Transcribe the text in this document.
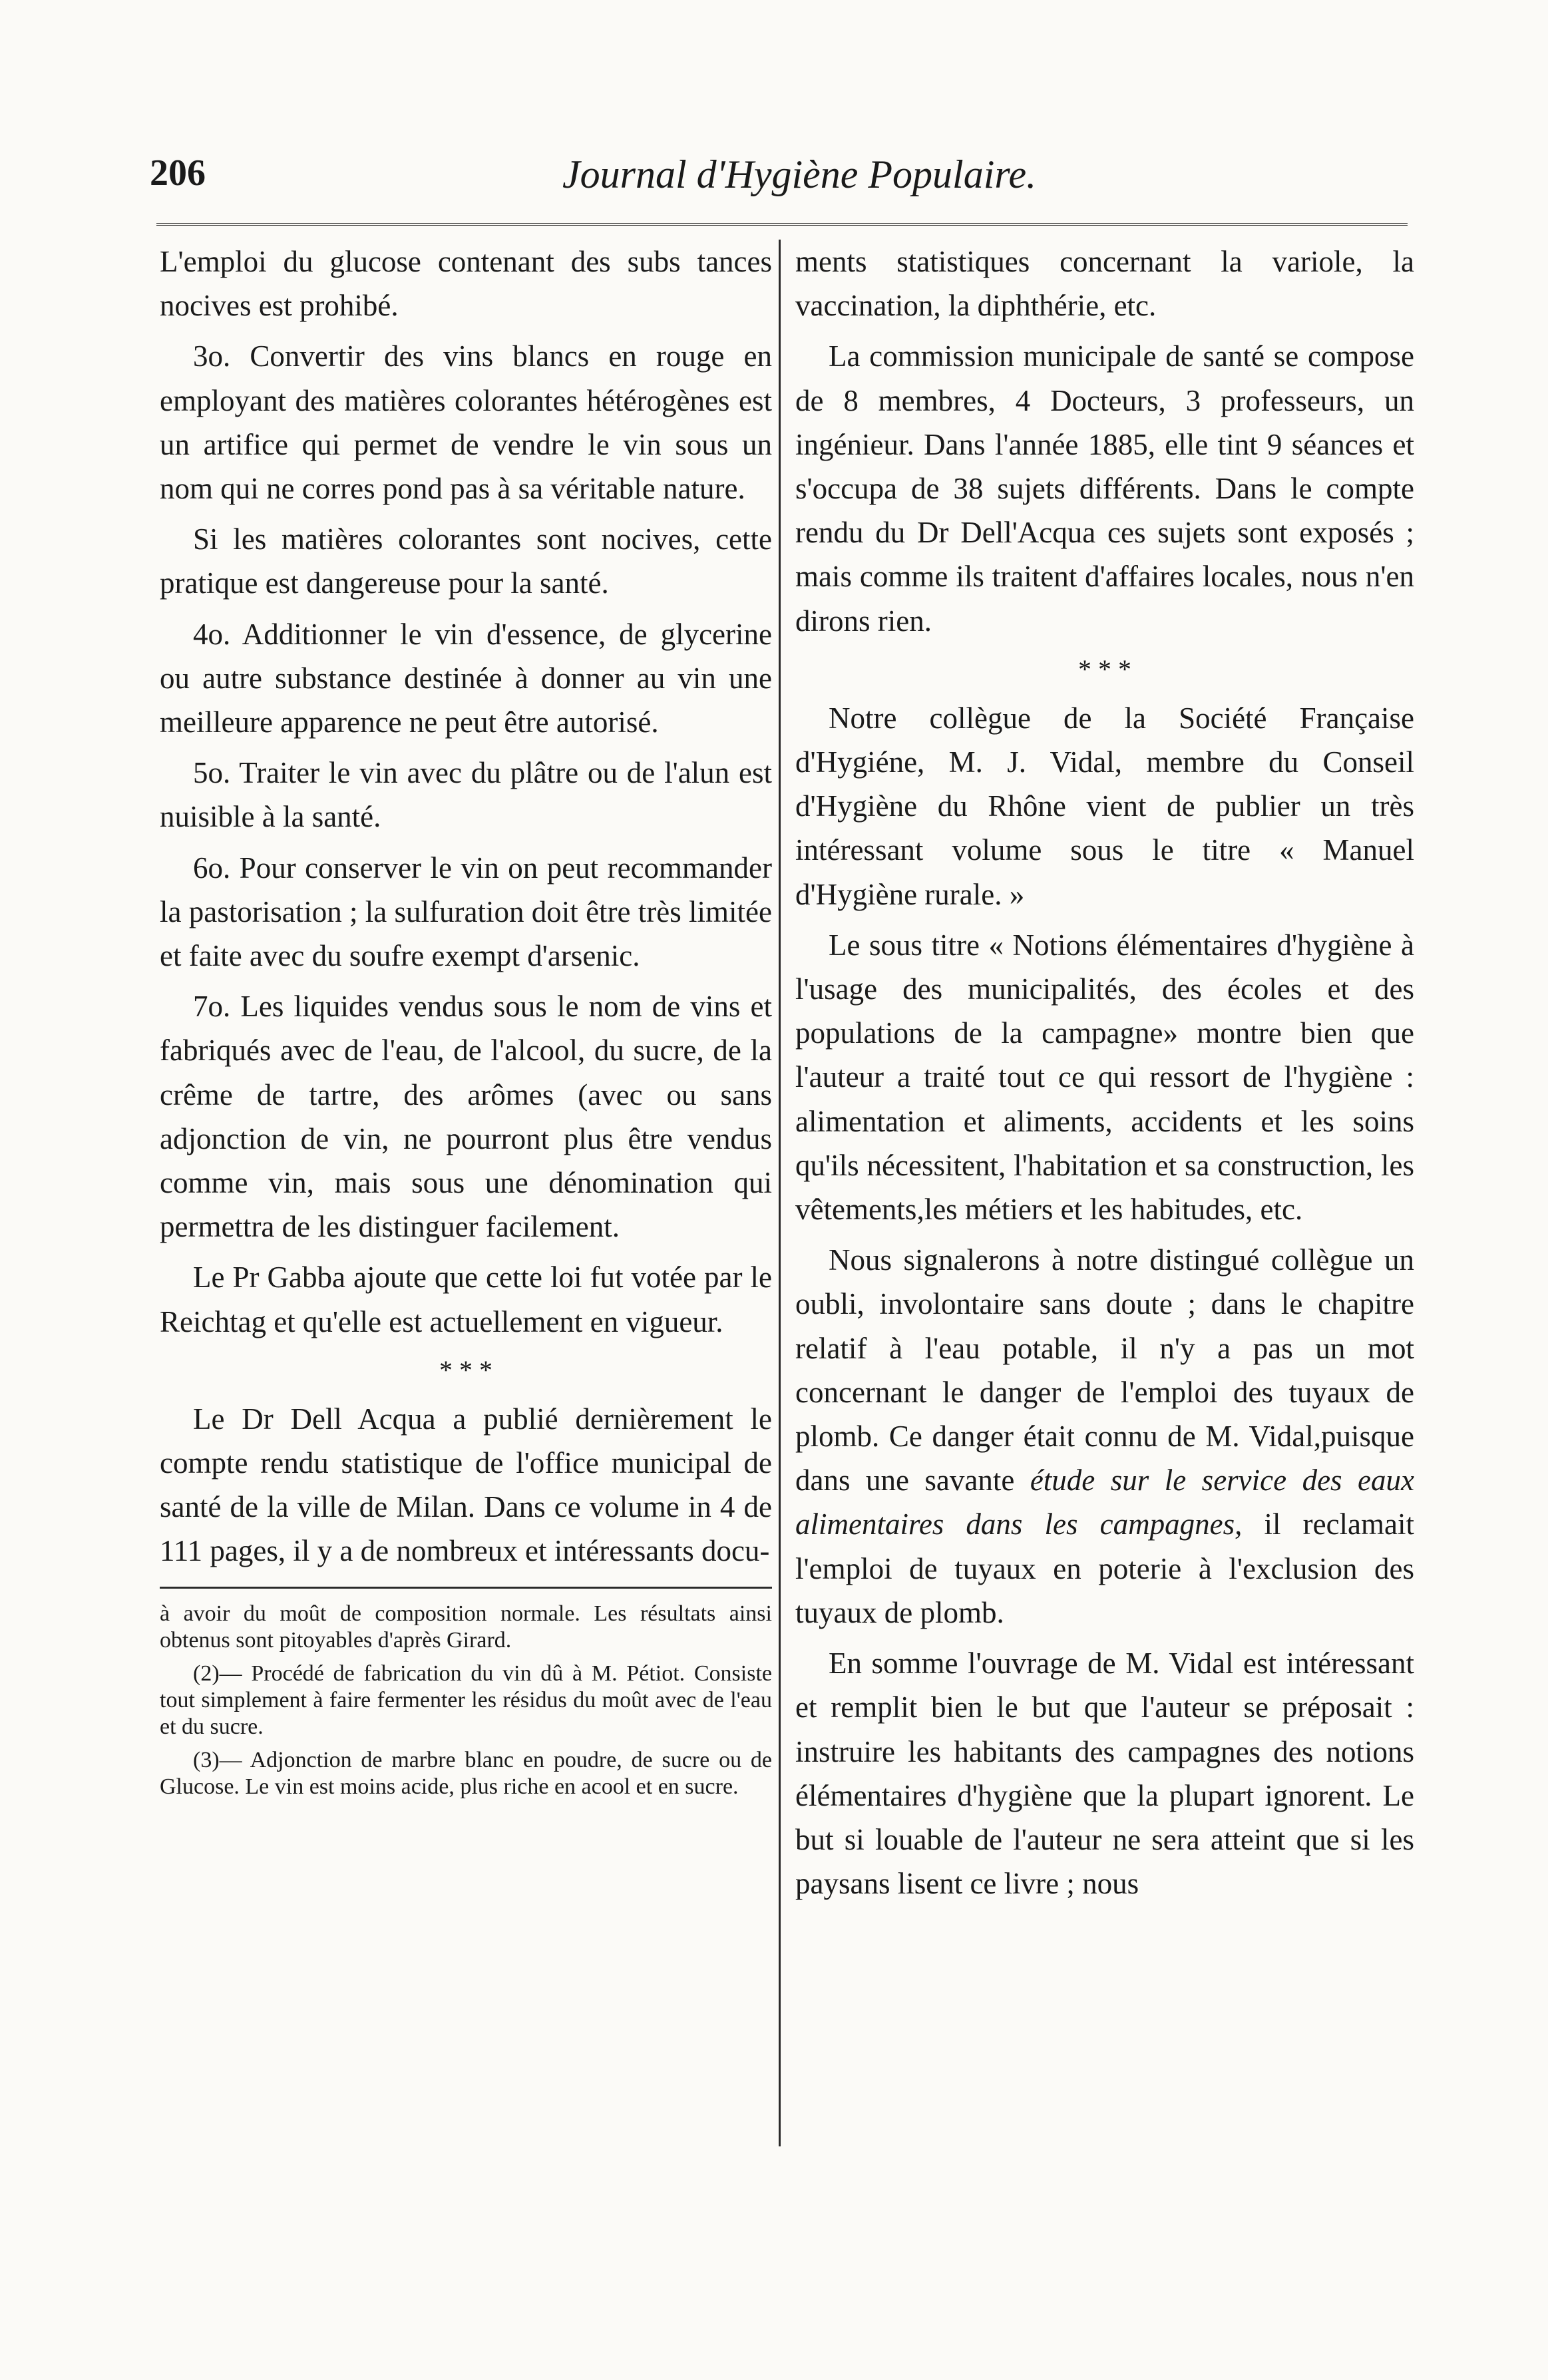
206	Journal d'Hygiène Populaire.

L'emploi du glucose contenant des subs tances nocives est prohibé.

3o. Convertir des vins blancs en rouge en employant des matières colorantes hétérogènes est un artifice qui permet de vendre le vin sous un nom qui ne corres pond pas à sa véritable nature.

Si les matières colorantes sont nocives, cette pratique est dangereuse pour la santé.

4o. Additionner le vin d'essence, de glycerine ou autre substance destinée à donner au vin une meilleure apparence ne peut être autorisé.

5o. Traiter le vin avec du plâtre ou de l'alun est nuisible à la santé.

6o. Pour conserver le vin on peut recommander la pastorisation ; la sulfuration doit être très limitée et faite avec du soufre exempt d'arsenic.

7o. Les liquides vendus sous le nom de vins et fabriqués avec de l'eau, de l'alcool, du sucre, de la crême de tartre, des arômes (avec ou sans adjonction de vin, ne pourront plus être vendus comme vin, mais sous une dénomination qui permettra de les distinguer facilement.

Le Pr Gabba ajoute que cette loi fut votée par le Reichtag et qu'elle est actuellement en vigueur.

* * *

Le Dr Dell Acqua a publié dernièrement le compte rendu statistique de l'office municipal de santé de la ville de Milan. Dans ce volume in 4 de 111 pages, il y a de nombreux et intéressants docu-

à avoir du moût de composition normale. Les résultats ainsi obtenus sont pitoyables d'après Girard.

(2)— Procédé de fabrication du vin dû à M. Pétiot. Consiste tout simplement à faire fermenter les résidus du moût avec de l'eau et du sucre.

(3)— Adjonction de marbre blanc en poudre, de sucre ou de Glucose. Le vin est moins acide, plus riche en acool et en sucre.

ments statistiques concernant la variole, la vaccination, la diphthérie, etc.

La commission municipale de santé se compose de 8 membres, 4 Docteurs, 3 professeurs, un ingénieur. Dans l'année 1885, elle tint 9 séances et s'occupa de 38 sujets différents. Dans le compte rendu du Dr Dell'Acqua ces sujets sont exposés ; mais comme ils traitent d'affaires locales, nous n'en dirons rien.

* * *

Notre collègue de la Société Française d'Hygiéne, M. J. Vidal, membre du Conseil d'Hygiène du Rhône vient de publier un très intéressant volume sous le titre « Manuel d'Hygiène rurale. »

Le sous titre « Notions élémentaires d'hygiène à l'usage des municipalités, des écoles et des populations de la campagne» montre bien que l'auteur a traité tout ce qui ressort de l'hygiène : alimentation et aliments, accidents et les soins qu'ils nécessitent, l'habitation et sa construction, les vêtements,les métiers et les habitudes, etc.

Nous signalerons à notre distingué collègue un oubli, involontaire sans doute ; dans le chapitre relatif à l'eau potable, il n'y a pas un mot concernant le danger de l'emploi des tuyaux de plomb. Ce danger était connu de M. Vidal,puisque dans une savante étude sur le service des eaux alimentaires dans les campagnes, il reclamait l'emploi de tuyaux en poterie à l'exclusion des tuyaux de plomb.

En somme l'ouvrage de M. Vidal est intéressant et remplit bien le but que l'auteur se préposait : instruire les habitants des campagnes des notions élémentaires d'hygiène que la plupart ignorent. Le but si louable de l'auteur ne sera atteint que si les paysans lisent ce livre ; nous
